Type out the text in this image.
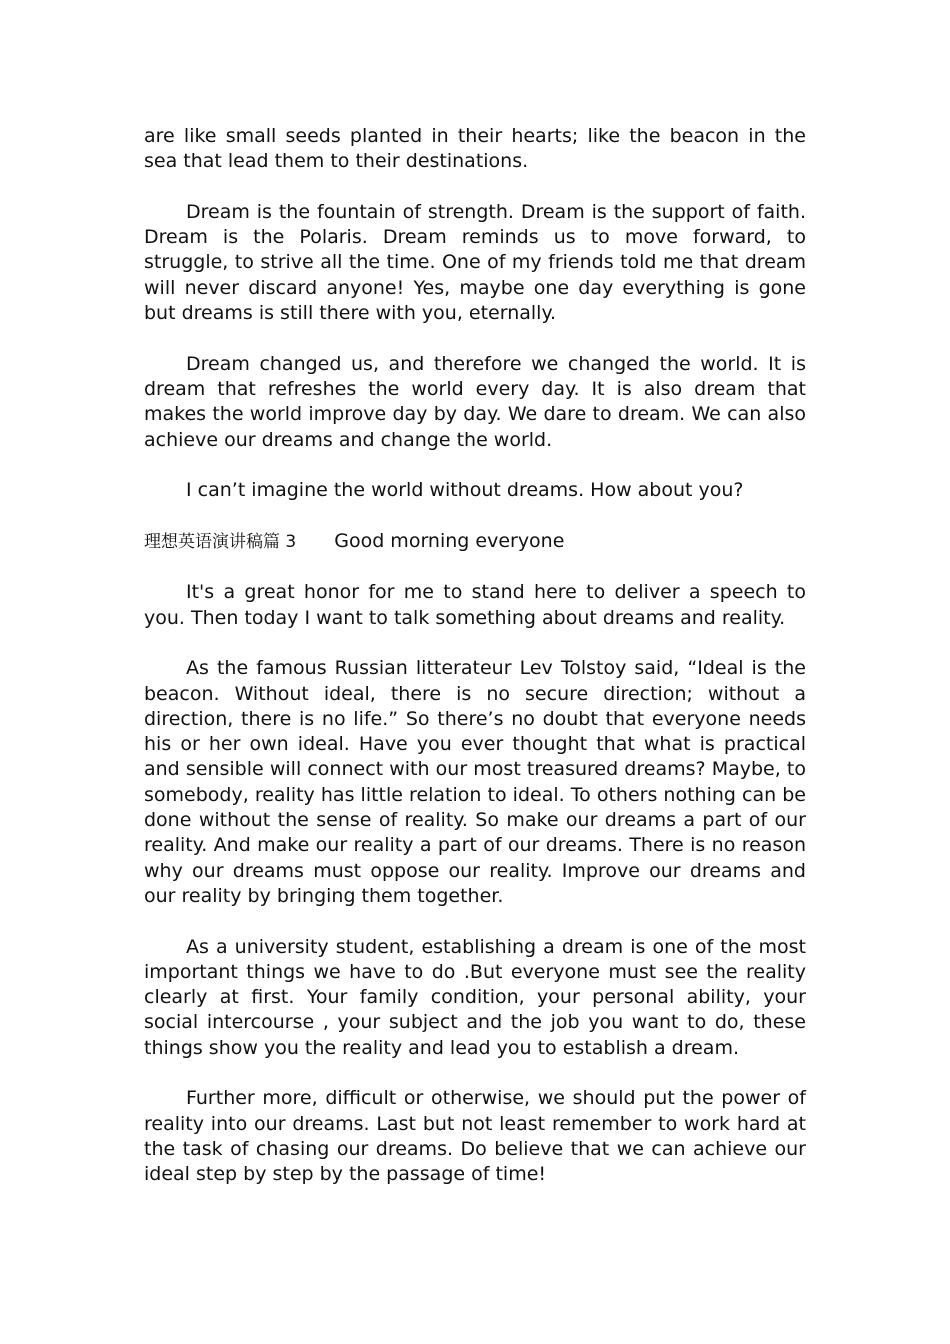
are like small seeds planted in their hearts; like the beacon in the sea that lead them to their destinations.

Dream is the fountain of strength. Dream is the support of faith. Dream is the Polaris. Dream reminds us to move forward, to struggle, to strive all the time. One of my friends told me that dream will never discard anyone! Yes, maybe one day everything is gone but dreams is still there with you, eternally.

Dream changed us, and therefore we changed the world. It is dream that refreshes the world every day. It is also dream that makes the world improve day by day. We dare to dream. We can also achieve our dreams and change the world.

I can’t imagine the world without dreams. How about you?

理想英语演讲稿篇 3 Good morning everyone

It's a great honor for me to stand here to deliver a speech to you. Then today I want to talk something about dreams and reality.

As the famous Russian litterateur Lev Tolstoy said, “Ideal is the beacon. Without ideal, there is no secure direction; without a direction, there is no life.” So there’s no doubt that everyone needs his or her own ideal. Have you ever thought that what is practical and sensible will connect with our most treasured dreams? Maybe, to somebody, reality has little relation to ideal. To others nothing can be done without the sense of reality. So make our dreams a part of our reality. And make our reality a part of our dreams. There is no reason why our dreams must oppose our reality. Improve our dreams and our reality by bringing them together.

As a university student, establishing a dream is one of the most important things we have to do .But everyone must see the reality clearly at first. Your family condition, your personal ability, your social intercourse , your subject and the job you want to do, these things show you the reality and lead you to establish a dream.

Further more, difficult or otherwise, we should put the power of reality into our dreams. Last but not least remember to work hard at the task of chasing our dreams. Do believe that we can achieve our ideal step by step by the passage of time!
